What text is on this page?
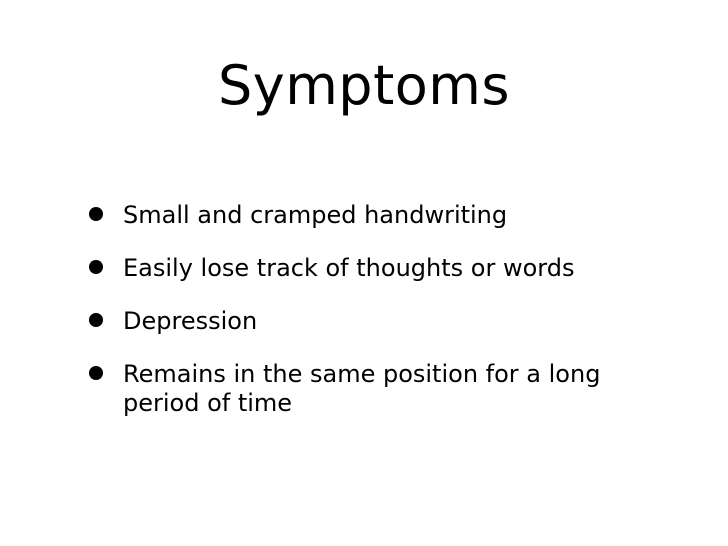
Symptoms
Small and cramped handwriting
Easily lose track of thoughts or words
Depression
Remains in the same position for a long period of time
